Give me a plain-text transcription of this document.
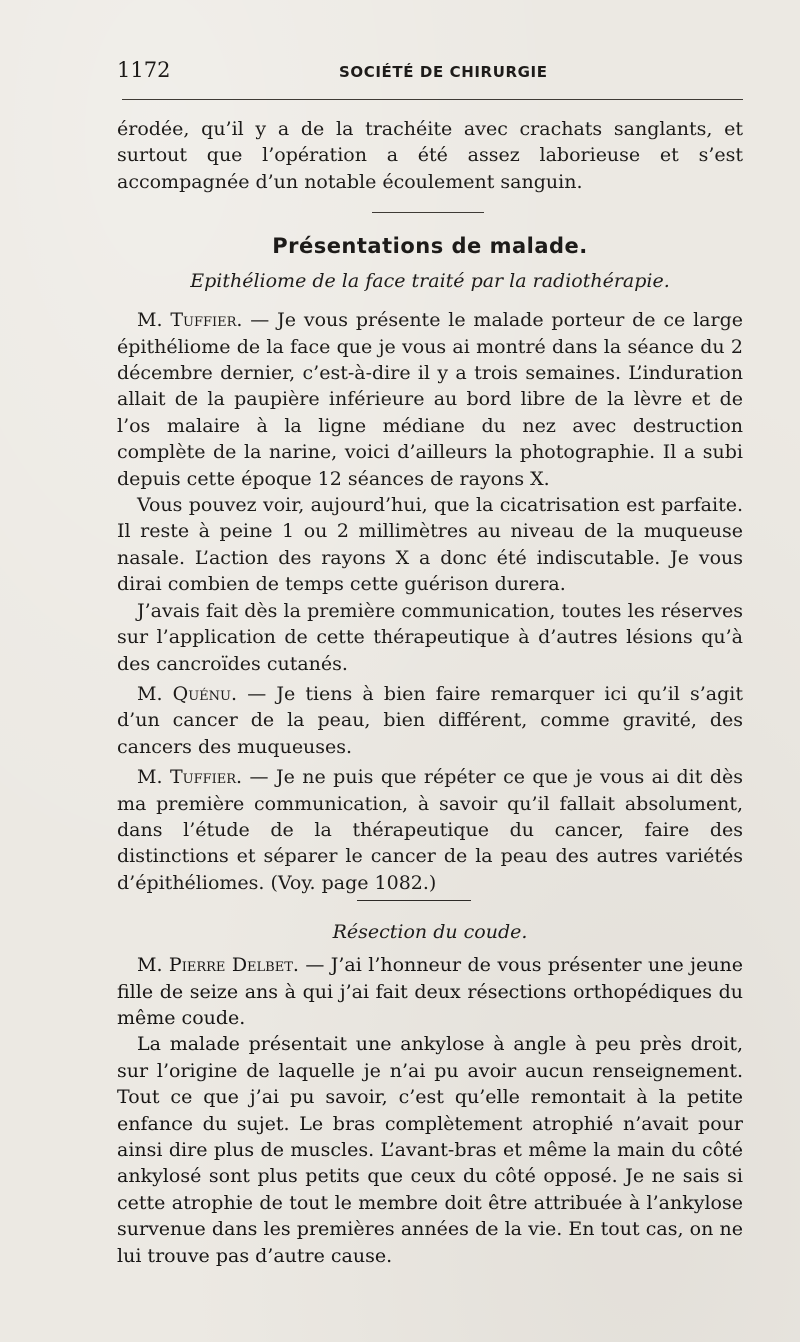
1172	SOCIÉTÉ DE CHIRURGIE

érodée, qu’il y a de la trachéite avec crachats sanglants, et surtout que l’opération a été assez laborieuse et s’est accompagnée d’un notable écoulement sanguin.

Présentations de malade.

Epithéliome de la face traité par la radiothérapie.

M. Tuffier. — Je vous présente le malade porteur de ce large épithéliome de la face que je vous ai montré dans la séance du 2 décembre dernier, c’est-à-dire il y a trois semaines. L’induration allait de la paupière inférieure au bord libre de la lèvre et de l’os malaire à la ligne médiane du nez avec destruction complète de la narine, voici d’ailleurs la photographie. Il a subi depuis cette époque 12 séances de rayons X.

Vous pouvez voir, aujourd’hui, que la cicatrisation est parfaite. Il reste à peine 1 ou 2 millimètres au niveau de la muqueuse nasale. L’action des rayons X a donc été indiscutable. Je vous dirai combien de temps cette guérison durera.

J’avais fait dès la première communication, toutes les réserves sur l’application de cette thérapeutique à d’autres lésions qu’à des cancroïdes cutanés.

M. Quénu. — Je tiens à bien faire remarquer ici qu’il s’agit d’un cancer de la peau, bien différent, comme gravité, des cancers des muqueuses.

M. Tuffier. — Je ne puis que répéter ce que je vous ai dit dès ma première communication, à savoir qu’il fallait absolument, dans l’étude de la thérapeutique du cancer, faire des distinctions et séparer le cancer de la peau des autres variétés d’épithéliomes. (Voy. page 1082.)

Résection du coude.

M. Pierre Delbet. — J’ai l’honneur de vous présenter une jeune fille de seize ans à qui j’ai fait deux résections orthopédiques du même coude.

La malade présentait une ankylose à angle à peu près droit, sur l’origine de laquelle je n’ai pu avoir aucun renseignement. Tout ce que j’ai pu savoir, c’est qu’elle remontait à la petite enfance du sujet. Le bras complètement atrophié n’avait pour ainsi dire plus de muscles. L’avant-bras et même la main du côté ankylosé sont plus petits que ceux du côté opposé. Je ne sais si cette atrophie de tout le membre doit être attribuée à l’ankylose survenue dans les premières années de la vie. En tout cas, on ne lui trouve pas d’autre cause.
